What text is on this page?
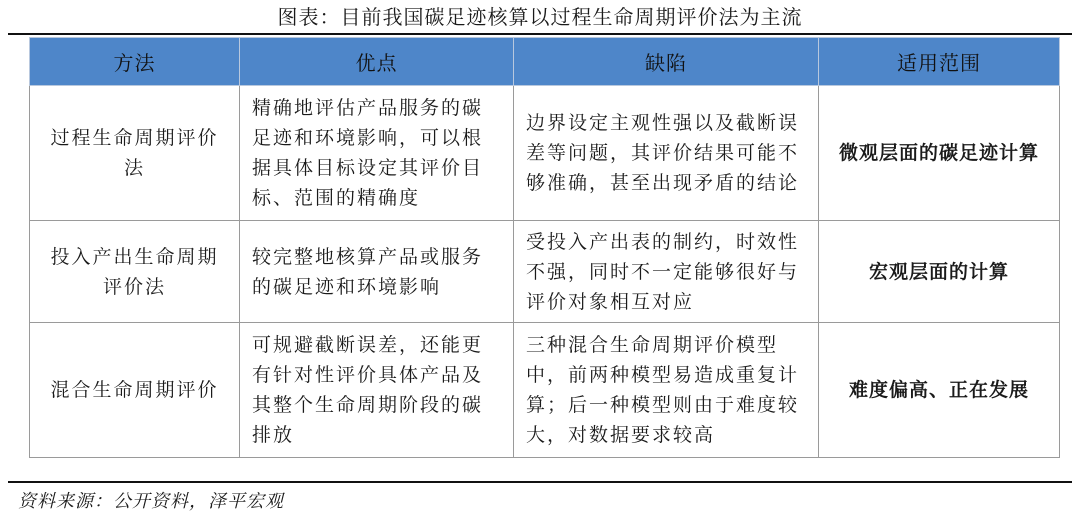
图表：目前我国碳足迹核算以过程生命周期评价法为主流
方法	优点	缺陷	适用范围
过程生命周期评价法	精确地评估产品服务的碳足迹和环境影响，可以根据具体目标设定其评价目标、范围的精确度	边界设定主观性强以及截断误差等问题，其评价结果可能不够准确，甚至出现矛盾的结论	微观层面的碳足迹计算
投入产出生命周期评价法	较完整地核算产品或服务的碳足迹和环境影响	受投入产出表的制约，时效性不强，同时不一定能够很好与评价对象相互对应	宏观层面的计算
混合生命周期评价	可规避截断误差，还能更有针对性评价具体产品及其整个生命周期阶段的碳排放	三种混合生命周期评价模型中，前两种模型易造成重复计算；后一种模型则由于难度较大，对数据要求较高	难度偏高、正在发展
资料来源：公开资料，泽平宏观
